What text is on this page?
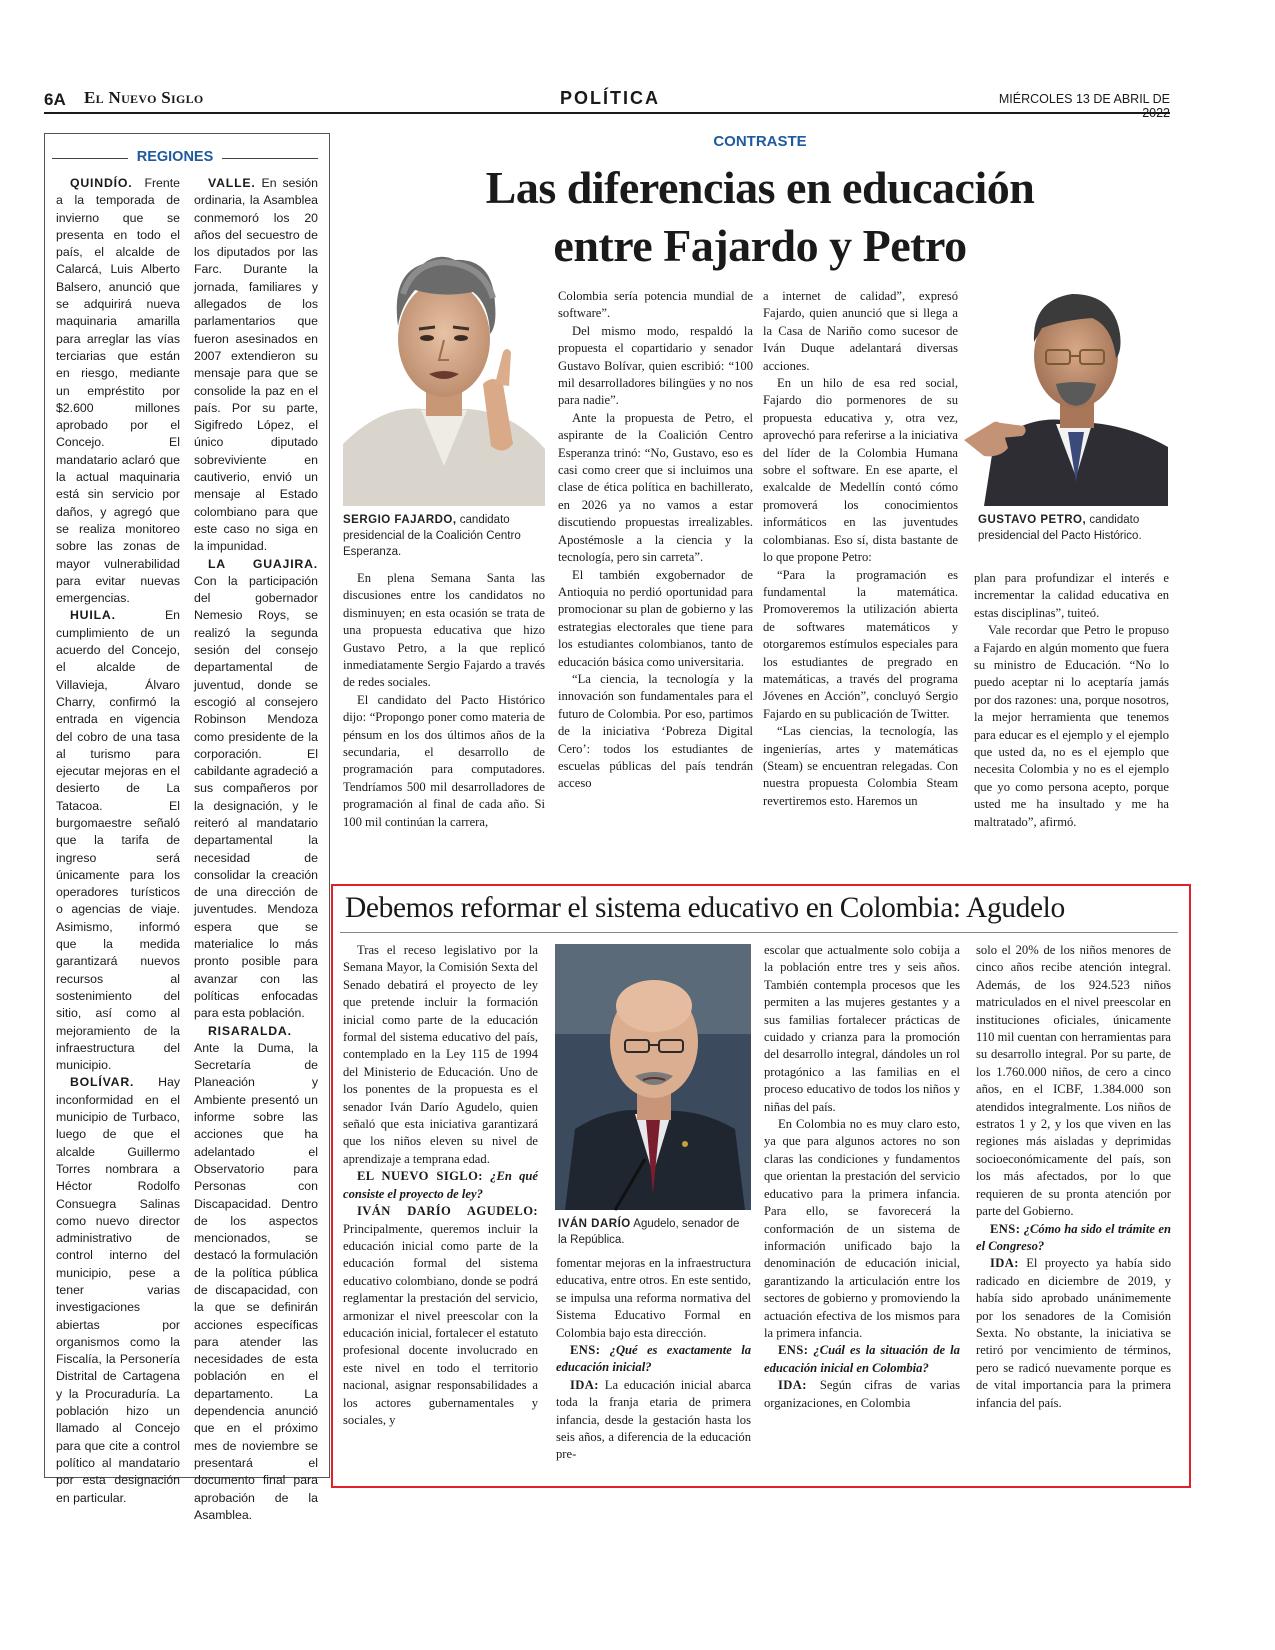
6A El Nuevo Siglo	POLÍTICA	MIÉRCOLES 13 DE ABRIL DE
REGIONES

QUINDÍO. Frente a la temporada de invierno que se presenta en todo el país, el alcalde de Calarcá, Luis Alberto Balsero, anunció que se adquirirá nueva maquinaria amarilla para arreglar las vías terciarias que están en riesgo, mediante un empréstito por $2.600 millones aprobado por el Concejo. El mandatario aclaró que la actual maquinaria está sin servicio por daños, y agregó que se realiza monitoreo sobre las zonas de mayor vulnerabilidad para evitar nuevas emergencias.

HUILA.	En cumplimiento de un acuerdo del Concejo, el alcalde de Villavieja, Álvaro Charry, confirmó la entrada en vigencia del cobro de una tasa al turismo para ejecutar mejoras en el desierto de La Tatacoa. El burgomaestre señaló que la tarifa de ingreso será únicamente para los operadores turísticos o agencias de viaje. Asimismo, informó que la medida garantizará nuevos recursos al sostenimiento del sitio, así como al mejoramiento de la infraestructura del municipio.

BOLÍVAR. Hay inconformidad en el municipio de Turbaco, luego de que el alcalde Guillermo Torres nombrara a Héctor Rodolfo Consuegra Salinas como nuevo director administrativo de control interno del municipio, pese a tener varias investigaciones abiertas por organismos como la Fiscalía, la Personería Distrital de Cartagena y la Procuraduría. La población hizo un llamado al Concejo para que cite a control político al mandatario por esta designación en particular.

VALLE. En sesión ordinaria, la Asamblea conmemoró los 20 años del secuestro de los diputados por las Farc. Durante la jornada, familiares y allegados de los parlamentarios que fueron asesinados en 2007 extendieron su mensaje para que se consolide la paz en el país. Por su parte, Sigifredo López, el único diputado sobreviviente en cautiverio, envió un mensaje al Estado colombiano para que este caso no siga en la impunidad.

LA GUAJIRA. Con la participación del gobernador Nemesio Roys, se realizó la segunda sesión del consejo departamental de juventud, donde se escogió al consejero Robinson Mendoza como presidente de la corporación. El cabildante agradeció a sus compañeros por la designación, y le reiteró al mandatario departamental la necesidad de consolidar la creación de una dirección de juventudes. Mendoza espera que se materialice lo más pronto posible para avanzar con las políticas enfocadas para esta población.

RISARALDA. Ante la Duma, la Secretaría de Planeación y Ambiente presentó un informe sobre las acciones que ha adelantado el Observatorio para Personas con Discapacidad. Dentro de los aspectos mencionados, se destacó la formulación de la política pública de discapacidad, con la que se definirán acciones específicas para atender las necesidades de esta población en el departamento. La dependencia anunció que en el próximo mes de noviembre se presentará el documento final para aprobación de la Asamblea.

CONTRASTE
Las diferencias en educación
entre Fajardo y Petro
SERGIO FAJARDO, candidato presidencial de la Coalición Centro Esperanza.
GUSTAVO PETRO, candidato presidencial del Pacto Histórico.

En plena Semana Santa las discusiones entre los candidatos no disminuyen; en esta ocasión se trata de una propuesta educativa que hizo Gustavo Petro, a la que replicó inmediatamente Sergio Fajardo a través de redes sociales.

El candidato del Pacto Histórico dijo: “Propongo poner como materia de pénsum en los dos últimos años de la secundaria, el desarrollo de programación para computadores. Tendríamos 500 mil desarrolladores de programación al final de cada año. Si 100 mil continúan la carrera,

Colombia sería potencia mundial de software”.

Del mismo modo, respaldó la propuesta el copartidario y senador Gustavo Bolívar, quien escribió: “100 mil desarrolladores bilingües y no nos para nadie”.

Ante la propuesta de Petro, el aspirante de la Coalición Centro Esperanza trinó: “No, Gustavo, eso es casi como creer que si incluimos una clase de ética política en bachillerato, en 2026 ya no vamos a estar discutiendo propuestas irrealizables. Apostémosle a la ciencia y la tecnología, pero sin carreta”.

El también exgobernador de Antioquia no perdió oportunidad para promocionar su plan de gobierno y las estrategias electorales que tiene para los estudiantes colombianos, tanto de educación básica como universitaria.

“La ciencia, la tecnología y la innovación son fundamentales para el futuro de Colombia. Por eso, partimos de la iniciativa ‘Pobreza Digital Cero’: todos los estudiantes de escuelas públicas del país tendrán acceso

a internet de calidad”, expresó Fajardo, quien anunció que si llega a la Casa de Nariño como sucesor de Iván Duque adelantará diversas acciones.

En un hilo de esa red social, Fajardo dio pormenores de su propuesta educativa y, otra vez, aprovechó para referirse a la iniciativa del líder de la Colombia Humana sobre el software. En ese aparte, el exalcalde de Medellín contó cómo promoverá los conocimientos informáticos en las juventudes colombianas. Eso sí, dista bastante de lo que propone Petro:

“Para la programación es fundamental la matemática. Promoveremos la utilización abierta de softwares matemáticos y otorgaremos estímulos especiales para los estudiantes de pregrado en matemáticas, a través del programa Jóvenes en Acción”, concluyó Sergio Fajardo en su publicación de Twitter.

“Las ciencias, la tecnología, las ingenierías, artes y matemáticas (Steam) se encuentran relegadas. Con nuestra propuesta Colombia Steam revertiremos esto. Haremos un

plan para profundizar el interés e incrementar la calidad educativa en estas disciplinas”, tuiteó.

Vale recordar que Petro le propuso a Fajardo en algún momento que fuera su ministro de Educación. “No lo puedo aceptar ni lo aceptaría jamás por dos razones: una, porque nosotros, la mejor herramienta que tenemos para educar es el ejemplo y el ejemplo que usted da, no es el ejemplo que necesita Colombia y no es el ejemplo que yo como persona acepto, porque usted me ha insultado y me ha maltratado”, afirmó.

Debemos reformar el sistema educativo en Colombia: Agudelo
IVÁN DARÍO Agudelo, senador de la República.

Tras el receso legislativo por la Semana Mayor, la Comisión Sexta del Senado debatirá el proyecto de ley que pretende incluir la formación inicial como parte de la educación formal del sistema educativo del país, contemplado en la Ley 115 de 1994 del Ministerio de Educación. Uno de los ponentes de la propuesta es el senador Iván Darío Agudelo, quien señaló que esta iniciativa garantizará que los niños eleven su nivel de aprendizaje a temprana edad.

EL NUEVO SIGLO: ¿En qué consiste el proyecto de ley?

IVÁN DARÍO AGUDELO: Principalmente, queremos incluir la educación inicial como parte de la educación formal del sistema educativo colombiano, donde se podrá reglamentar la prestación del servicio, armonizar el nivel preescolar con la educación inicial, fortalecer el estatuto profesional docente involucrado en este nivel en todo el territorio nacional, asignar responsabilidades a los actores gubernamentales y sociales, y

fomentar mejoras en la infraestructura educativa, entre otros. En este sentido, se impulsa una reforma normativa del Sistema Educativo Formal en Colombia bajo esta dirección.

ENS: ¿Qué es exactamente la educación inicial?

IDA: La educación inicial abarca toda la franja etaria de primera infancia, desde la gestación hasta los seis años, a diferencia de la educación pre-

escolar que actualmente solo cobija a la población entre tres y seis años. También contempla procesos que les permiten a las mujeres gestantes y a sus familias fortalecer prácticas de cuidado y crianza para la promoción del desarrollo integral, dándoles un rol protagónico a las familias en el proceso educativo de todos los niños y niñas del país.

En Colombia no es muy claro esto, ya que para algunos actores no son claras las condiciones y fundamentos que orientan la prestación del servicio educativo para la primera infancia. Para ello, se favorecerá la conformación de un sistema de información unificado bajo la denominación de educación inicial, garantizando la articulación entre los sectores de gobierno y promoviendo la actuación efectiva de los mismos para la primera infancia.

ENS: ¿Cuál es la situación de la educación inicial en Colombia?

IDA: Según cifras de varias organizaciones, en Colombia

solo el 20% de los niños menores de cinco años recibe atención integral. Además, de los 924.523 niños matriculados en el nivel preescolar en instituciones oficiales, únicamente 110 mil cuentan con herramientas para su desarrollo integral. Por su parte, de los 1.760.000 niños, de cero a cinco años, en el ICBF, 1.384.000 son atendidos integralmente. Los niños de estratos 1 y 2, y los que viven en las regiones más aisladas y deprimidas socioeconómicamente del país, son los más afectados, por lo que requieren de su pronta atención por parte del Gobierno.

ENS: ¿Cómo ha sido el trámite en el Congreso?

IDA: El proyecto ya había sido radicado en diciembre de 2019, y había sido aprobado unánimemente por los senadores de la Comisión Sexta. No obstante, la iniciativa se retiró por vencimiento de términos, pero se radicó nuevamente porque es de vital importancia para la primera infancia del país.
